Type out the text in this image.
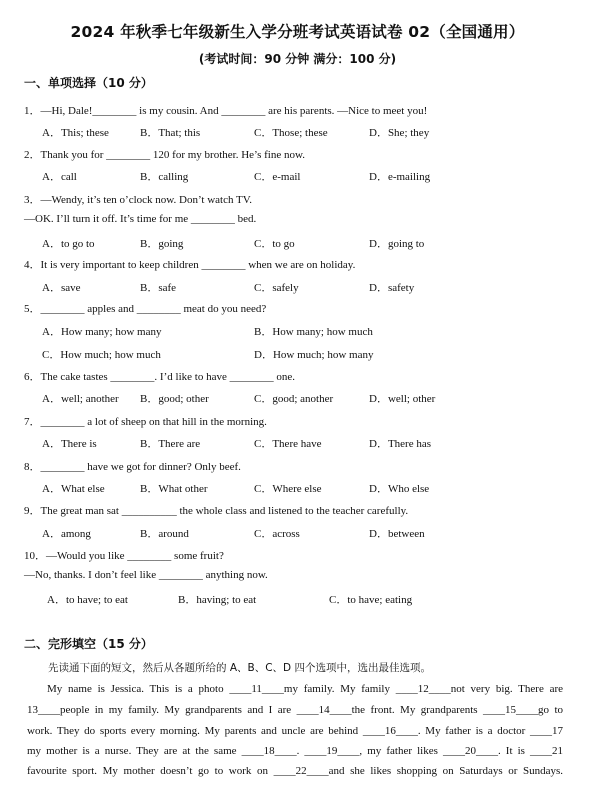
2024 年秋季七年级新生入学分班考试英语试卷 02（全国通用）
(考试时间：90 分钟 满分：100 分)
一、单项选择（10 分）
1．—Hi, Dale!________ is my cousin. And ________ are his parents. —Nice to meet you!
A．This; these	B．That; this	C．Those; these	D．She; they
2．Thank you for ________ 120 for my brother. He’s fine now.
A．call	B．calling	C．e-mail	D．e-mailing
3．—Wendy, it’s ten o’clock now. Don’t watch TV.
—OK. I’ll turn it off. It’s time for me ________ bed.
A．to go to	B．going	C．to go	D．going to
4．It is very important to keep children ________ when we are on holiday.
A．save	B．safe	C．safely	D．safety
5．________ apples and ________ meat do you need?
A．How many; how many	B．How many; how much
C．How much; how much	D．How much; how many
6．The cake tastes ________. I’d like to have ________ one.
A．well; another B．good; other	C．good; another	D．well; other
7．________ a lot of sheep on that hill in the morning.
A．There is	B．There are	C．There have	D．There has
8．________ have we got for dinner? Only beef.
A．What else	B．What other	C．Where else	D．Who else
9．The great man sat __________ the whole class and listened to the teacher carefully.
A．among	B．around	C．across	D．between
10．—Would you like ________ some fruit?
—No, thanks. I don’t feel like ________ anything now.
A．to have; to eat	B．having; to eat	C．to have; eating
二、完形填空（15 分）
先读通下面的短文，然后从各题所给的 A、B、C、D 四个选项中，选出最佳选项。
My name is Jessica. This is a photo ____11____my family. My family ____12____not very big. There are
13____people in my family. My grandparents and I are ____14____the front. My grandparents ____15____go to
work. They do sports every morning. My parents and uncle are behind ____16____. My father is a doctor ____17
my mother is a nurse. They are at the same ____18____. ____19____, my father likes ____20____. It is ____21
favourite sport. My mother doesn’t go to work on ____22____and she likes shopping on Saturdays or Sundays.
